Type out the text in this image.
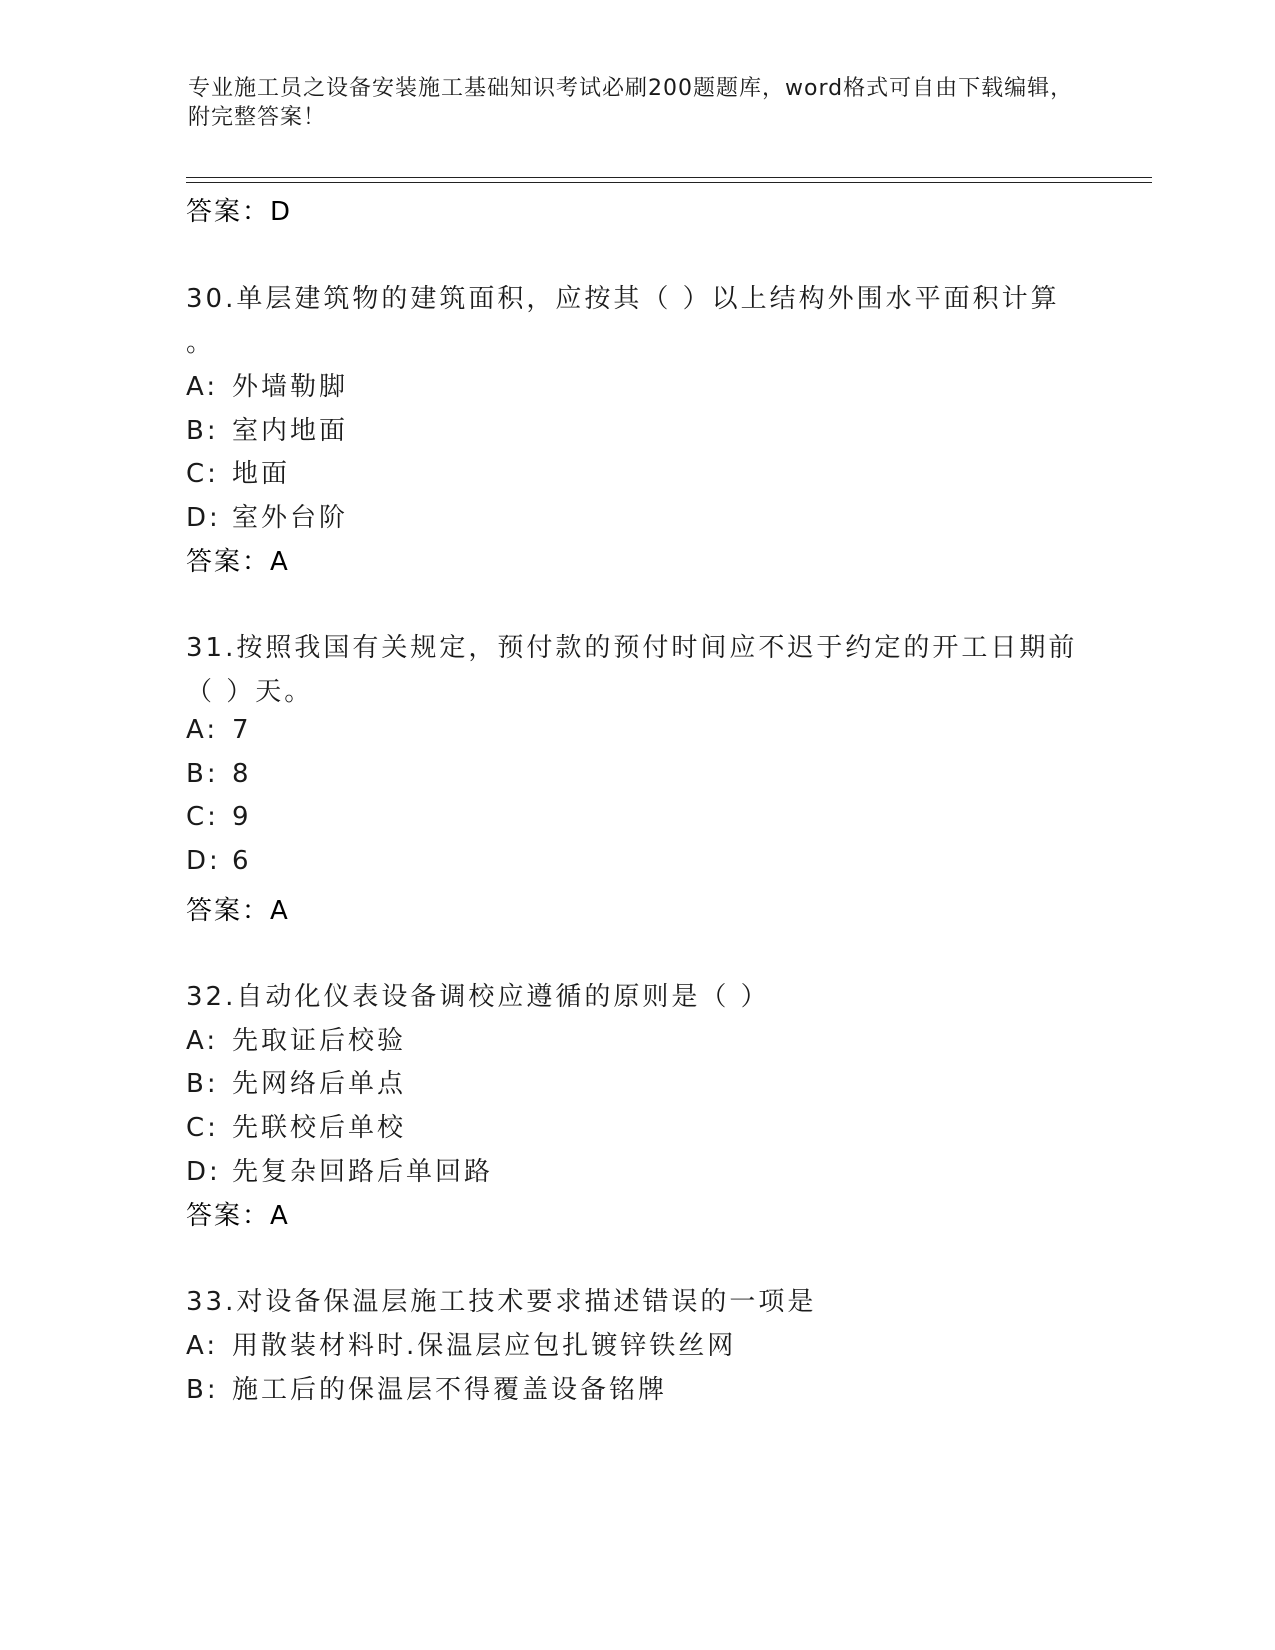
专业施工员之设备安装施工基础知识考试必刷200题题库，word格式可自由下载编辑，附完整答案！
答案：D
30.单层建筑物的建筑面积，应按其（ ）以上结构外围水平面积计算
。
A: 外墙勒脚
B: 室内地面
C: 地面
D: 室外台阶
答案：A
31.按照我国有关规定，预付款的预付时间应不迟于约定的开工日期前
（ ）天。
A: 7
B: 8
C: 9
D: 6
答案：A
32.自动化仪表设备调校应遵循的原则是（ ）
A: 先取证后校验
B: 先网络后单点
C: 先联校后单校
D: 先复杂回路后单回路
答案：A
33.对设备保温层施工技术要求描述错误的一项是
A: 用散装材料时.保温层应包扎镀锌铁丝网
B: 施工后的保温层不得覆盖设备铭牌
